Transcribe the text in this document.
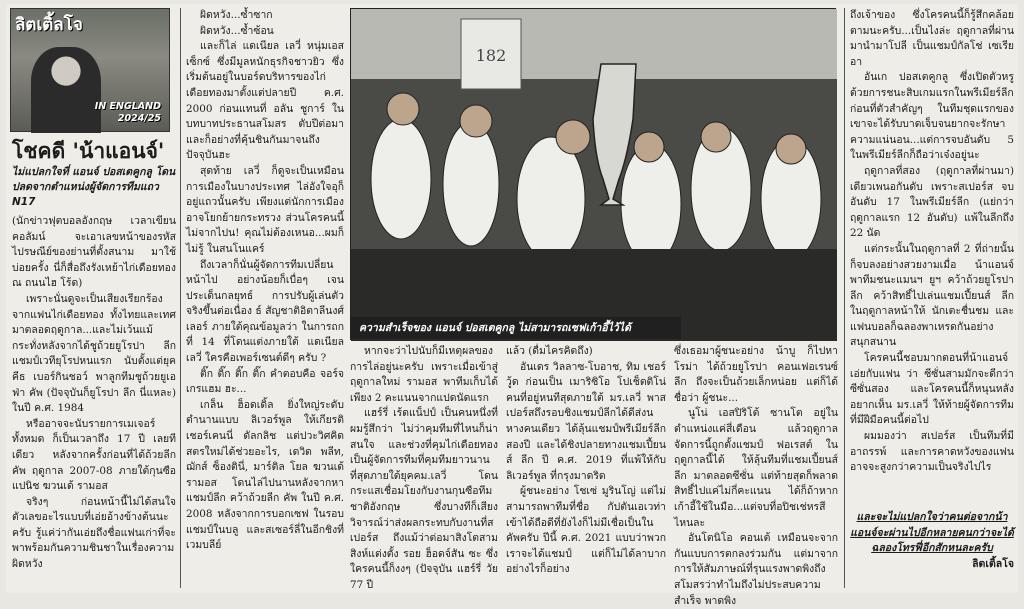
ลิตเติ้ลโจ
IN ENGLAND
2024/25
โชคดี 'น้าแอนจ์'
ไม่แปลกใจที่ แอนจ์ ปอสเตคูกลู โดนปลดจากตำแหน่งผู้จัดการทีมแถว N17

(นักข่าวฟุตบอลอังกฤษ เวลาเขียนคอลัมน์ จะเอาเลขหน้าของรหัสไปรษณีย์ของย่านที่ตั้งสนาม มาใช้บ่อยครั้ง นี่ก็สื่อถึงรังเหย้าไก่เดือยทอง ณ ถนนไฮ โร้ด)

เพราะนั่นดูจะเป็นเสียงเรียกร้องจากแฟนไก่เดือยทอง ทั้งไทยและเทศ มาตลอดฤดูกาล...และไม่เว้นแม้กระทั่งหลังจากได้ชูถ้วยยูโรปา ลีก แชมป์เวทียุโรปหนแรก นับตั้งแต่ยุค คีธ เบอร์กินชอว์ พาลูกทีมชูถ้วยยูเอฟ่า คัพ (ปัจจุบันก็ยูโรปา ลีก นี่แหละ) ในปี ค.ศ. 1984

หรืออาจจะนับรายการเมเจอร์ทั้งหมด ก็เป็นเวลาถึง 17 ปี เลยทีเดียว หลังจากครั้งก่อนที่ได้ถ้วยลีก คัพ ฤดูกาล 2007-08 ภายใต้กุนซือแปนิช ฆวนเด้ รามอส

จริงๆ ก่อนหน้านี้ไม่ได้สนใจตัวเลขอะไรแบบที่เอ่ยอ้างข้างต้นนะครับ รู้แค่ว่ากันเอ่ยถึงชื่อแฟนเก่าที่จะพาพร้อมกันความชินชาในเรื่องความผิดหวัง

ผิดหวัง...ซ้ำซาก

ผิดหวัง...ซ้ำซ้อน

และก็ไล่ แดเนียล เลวี่ หนุ่มเอสเซ็กซ์ ซึ่งมีมูลหนักธุรกิจชาวยิว ซึ่งเริ่มต้นอยู่ในบอร์ดบริหารของไก่เดือยทองมาตั้งแต่ปลายปี ค.ศ. 2000 ก่อนแทนที่ อลัน ชูการ์ ในบทบาทประธานสโมสร ตับปีต่อมาและก็อย่างที่คุ้นชินกันมาจนถึงปัจจุบันฮะ

สุดท้าย เลวี่ ก็ดูจะเป็นเหมือนการเมืองในบางประเทศ ไล่อังใจอุก็อยู่แถวนั้นครับ เพียงแต่นักการเมืองอาจโยกย้ายกระทรวง ส่วนโครคนนี้ ไม่จากไปน! คุณไม่ต้องเหนอ...ผมก็ไม่รู้ ในสนโนแคร์

ถึงเวลาก็นั่นผู้จัดการทีมเปลี่ยนหน้าไป อย่างน้อยก็เบื่อๆ เจนประเด็นกลยุทธ์ การปรับผู้เล่นตัวจริงขึ้นต่อเนื่อง ธ์ สัญชาติอิตาลีนงศ์เลอร์ ภายใต้คุณข้อมูลว่า ในการถกที่ 14 ที่โดนแต่งภายใต้ แดเนียล เลวี่ ใครคือเพอร์เซนต์ดีๆ ครับ ?

ติ๊ก ติ๊ก ติ๊ก ติ๊ก คำตอบคือ จอร์จ เกรแฮม ฮะ...

เกล็น ฮ็อดเดิ้ล ยิ่งใหญ่ระดับตำนานแบบ ลิเวอร์พูล ให้เกียรติ เชอร์เคนนี่ ดัลกลิช แต่ปวะวิศคิดสตรใหม่ได้ช่วยอะไร, เดวิด พลีท, ฌักส์ ซ็องตินี่, มาร์ติล โยล ฆวนเด้ รามอส โดนไล่ไปนานหลังจากหาแชมป์ลีก คว้าถ้วยลีก คัพ ในปี ค.ศ. 2008 หลังจากการบอกเซฟ ในรอบแชมป์ในบลู และสเซอร์ลี่ในอีกชิงที่เวมบลีย์

182
ความสำเร็จของ แอนจ์ ปอสเตคูกลู ไม่สามารถเซฟเก้าอี้ไว้ได้

หากจะว่าไปนับก็มีเหตุผลของการไล่อยู่นะครับ เพราะเมื่อเข้าสู่ฤดูกาลใหม่ รามอส พาทีมเก็บได้เพียง 2 คะแนนจากแปดนัดแรก

แฮร์รี่ เร้ดแน็ปป์ เป็นคนหนึ่งที่ผมรู้สึกว่า ไม่ว่าคุมทีมที่ไหนก็น่าสนใจ และช่วงที่คุมไก่เดือยทอง เป็นผู้จัดการทีมที่คุมทีมยาวนานที่สุดภายใต้ยุคคม.เลวี่ โดนกระแสเชื่อมโยงกับงานกุนซือทีมชาติอังกฤษ ซึ่งบางทีก็เสียงวิจารณ์ว่าส่งผลกระทบกับงานที่สเปอร์ส ถึงแม้ว่าต่อมาสิงโตสามสิงห์แต่งตั้ง รอย ฮ็อดจ์สัน ซะ ซึ่งใครคนนี้ก็งงๆ (ปัจจุบัน แฮร์รี่ วัย 77 ปี

แล้ว (ดื่มไครคิดถึง)

อันเดร วิลลาซ-โบอาช, ทิม เชอร์วู้ด ก่อนเป็น เมาริซิโอ โปเช็ตติโน่ คนที่อยู่หนทีสุดภายใต้ มร.เลวี่ พาสเปอร์สถึงรอบชิงแชมป์ลีกได้ดีส่งนหางคนเดียว ได้ลุ้นแชมป์พรีเมียร์ลีกสองปี และได้ชิงปลายทางแชมเปี้ยนส์ ลีก ปี ค.ศ. 2019 ที่แพ้ให้กับลิเวอร์พูล ที่กรุงมาดริด

ผู้ชนะอย่าง โชเซ่ มูรินโญ่ แต่ไม่สามารถพาทีมที่ชื่อ กัปตันเอเวท่าเข้าได้ถือดีที่ยังไงก็ไม่มีเชื่อเป็นในคัพครับ ปีนี้ ค.ศ. 2021 แบบว่าพวกเราจะได้แชมป์ แต่ก็ไม่ได้ลาบาก อย่างไรก็อย่าง

ซึ่งเธอมาผู้ชนะอย่าง น้าบู ก็ไปหา โรม่า ได้ถ้วยยูโรปา คอนเฟอเรนซ์ ลีก ถึงจะเป็นถ้วยเล็กหน่อย แต่ก็ได้ชื่อว่า ผู้ชนะ...

นูโน่ เอสปิริโต้ ซานโต อยู่ในตำแหน่งแค่สี่เดือน แล้วฤดูกาลจัดการนี้ถูกตั้งแชมป์ ฟอเรสต์ ในฤดูกาลนี้ได้ ให้ลุ้นทีมที่แชมเปี้ยนส์ ลีก มาตลอดซีซั่น แต่ท้ายสุดก็พลาดสิทธิ์ไปแค่ไม่กี่คะแนน ได้ก็ถ้าหากเก้าอี้ใช้ในมือ...แต่จบที่อปิชเช่หรสีไหนละ

อันโตนิโอ คอนเต้ เหมือนจะจากกันแบบการตกลงร่วมกัน แต่มาจากการให้สัมภาษณ์ที่รุนแรงพาดพิงถึงสโมสรว่าทำไมถึงไม่ประสบความสำเร็จ พาดพิง

ถึงเจ้าของ ซึ่งโครคนนี้ก็รู้สึกคล้อยตามนะครับ...เป็นไงล่ะ ฤดูกาลที่ผ่านมานำมาโปลี เป็นแชมป์กัลโช่ เซเรีย อา

อันเก ปอสเตคูกลู ซึ่งเปิดตัวหรูด้วยการชนะสิบเกมแรกในพรีเมียร์ลีกก่อนที่ตัวสำคัญๆ ในทีมชุดแรกของเขาจะได้รับบาดเจ็บจนยากจะรักษาความแน่นอน...แต่การจบอันดับ 5 ในพรีเมียร์ลีกก็ถือว่าเจ๋งอยู่นะ

ฤดูกาลที่สอง (ฤดูกาลที่ผ่านมา) เดียวเพนอกันดับ เพราะสเปอร์ส จบอันดับ 17 ในพรีเมียร์ลีก (แย่กว่าฤดูกาลแรก 12 อันดับ) แพ้ในลีกถึง 22 นัด

แต่กระนั้นในฤดูกาลที่ 2 ที่ถ่ายนั้นก็จบลงอย่างสวยงามเมื่อ น้าแอนจ์ พาทีมชนะแมนฯ ยูฯ คว้าถ้วยยูโรปา ลีก คว้าสิทธิ์ไปเล่นแชมเปี้ยนส์ ลีก ในฤดูกาลหน้าให้ นักเตะชื่นชม และแฟนบอลก็ฉลองพาเหรดกันอย่างสนุกสนาน

โครคนนี้ชอบมากตอนที่น้าแอนจ์ เอ่ยกับแฟน ว่า ซีซั่นสามมักจะดีกว่าซีซั่นสอง และโครคนนี้ก็หนุนหลังอยากเห็น มร.เลวี่ ให้ท้ายผู้จัดการทีมที่มีฝีมือคนนี้ต่อไป

ผมมองว่า สเปอร์ส เป็นทีมที่มีอาถรรพ์ และการคาดหวังของแฟนอาจจะสูงกว่าความเป็นจริงไปไร

และจะไม่แปลกใจว่าคนต่อจากน้าแอนจ์จะผ่านไปอีกหลายคนกว่าจะได้ฉลองโทรฟี่อีกสักหนละครับ

ลิตเติ้ลโจ
